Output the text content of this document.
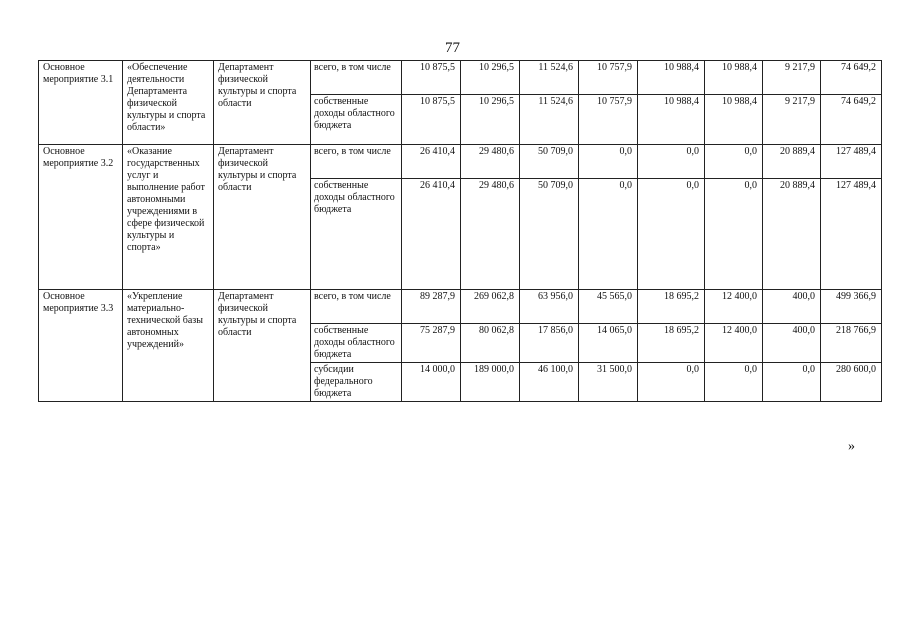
77
Основное мероприятие 3.1	«Обеспечение деятельности Департамента физической культуры и спорта области»	Департамент физической культуры и спорта области	всего, в том числе	10 875,5	10 296,5	11 524,6	10 757,9	10 988,4	10 988,4	9 217,9	74 649,2
			собственные доходы областного бюджета	10 875,5	10 296,5	11 524,6	10 757,9	10 988,4	10 988,4	9 217,9	74 649,2
Основное мероприятие 3.2	«Оказание государственных услуг и выполнение работ автономными учреждениями в сфере физической культуры и спорта»	Департамент физической культуры и спорта области	всего, в том числе	26 410,4	29 480,6	50 709,0	0,0	0,0	0,0	20 889,4	127 489,4
			собственные доходы областного бюджета	26 410,4	29 480,6	50 709,0	0,0	0,0	0,0	20 889,4	127 489,4
Основное мероприятие 3.3	«Укрепление материально-технической базы автономных учреждений»	Департамент физической культуры и спорта области	всего, в том числе	89 287,9	269 062,8	63 956,0	45 565,0	18 695,2	12 400,0	400,0	499 366,9
			собственные доходы областного бюджета	75 287,9	80 062,8	17 856,0	14 065,0	18 695,2	12 400,0	400,0	218 766,9
			субсидии федерального бюджета	14 000,0	189 000,0	46 100,0	31 500,0	0,0	0,0	0,0	280 600,0
»
